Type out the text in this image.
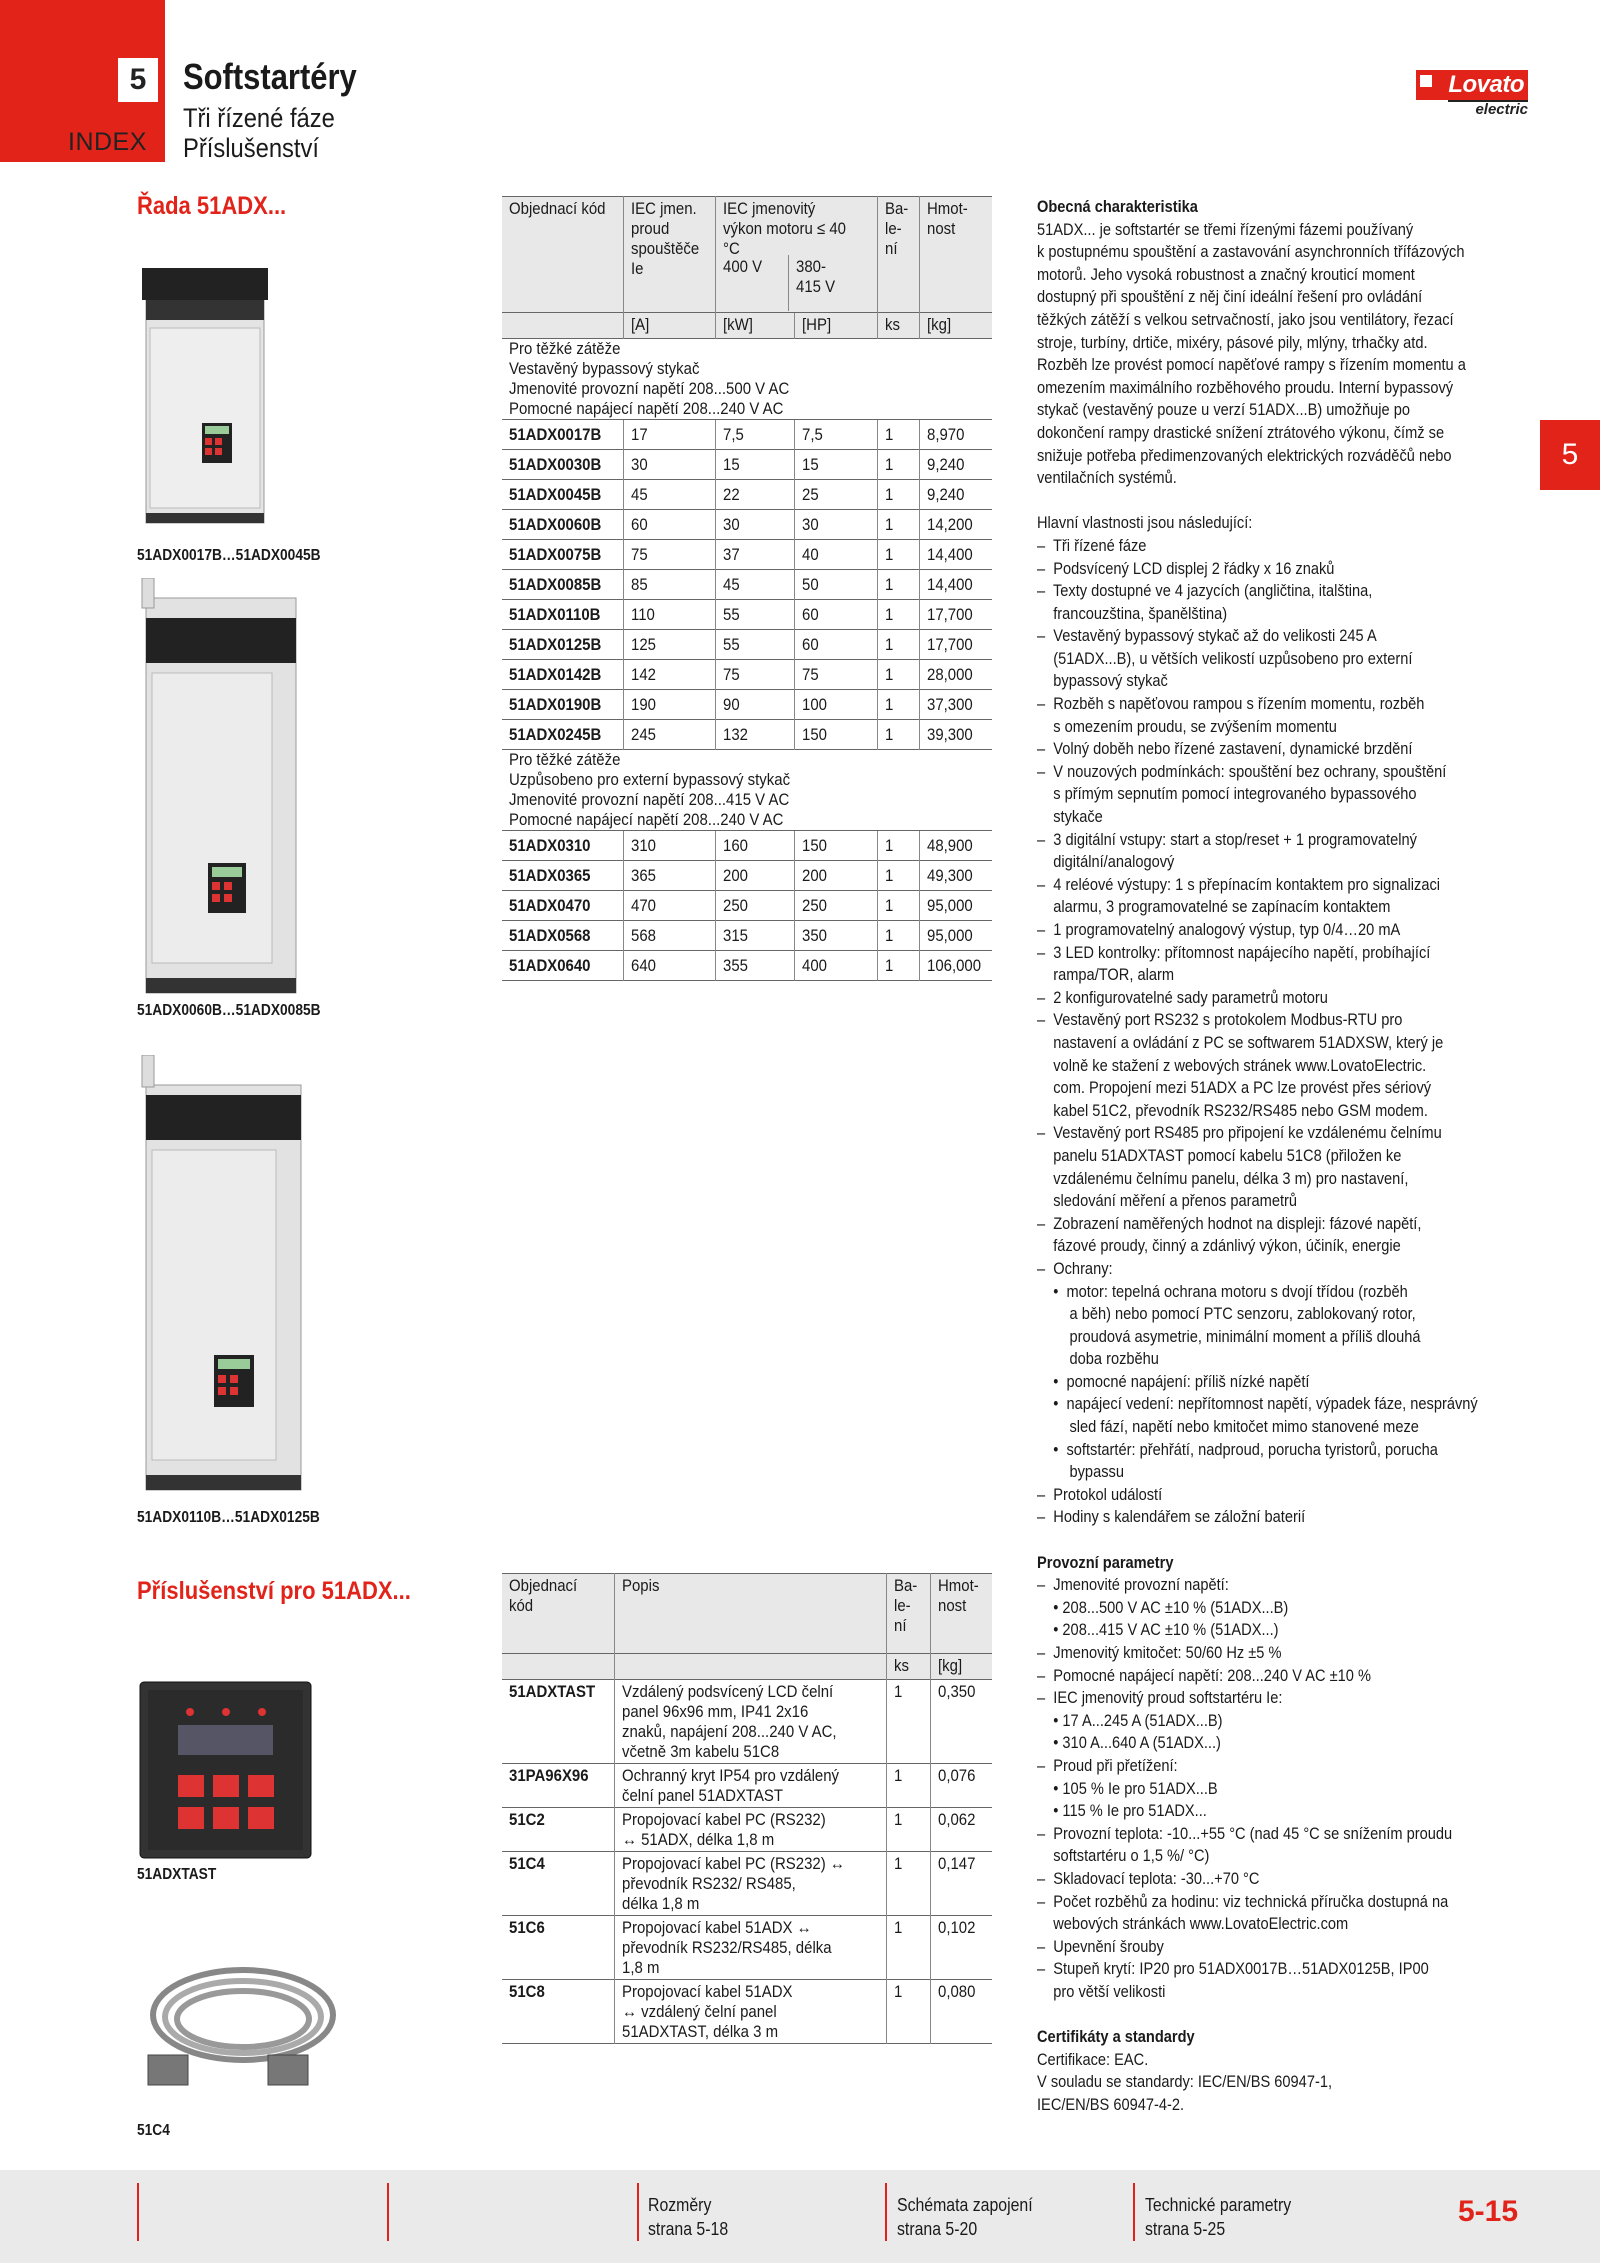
5
INDEX
Softstartéry
Tři řízené fáze
Příslušenství
Lovato
electric
Řada 51ADX...
51ADX0017B…51ADX0045B
51ADX0060B…51ADX0085B
51ADX0110B…51ADX0125B
Příslušenství pro 51ADX...
51ADXTAST
51C4
Objednací kód	IEC jmen. proud spouštěče Ie	IEC jmenovitý výkon motoru ≤ 40 °C
400 V 380-415 V		Ba-le-ní	Hmot-nost

	[A]	[kW]	[HP]	ks	[kg]
Pro těžké zátěže					
Vestavěný bypassový stykač					
Jmenovité provozní napětí 208...500 V AC					
Pomocné napájecí napětí 208...240 V AC					
51ADX0017B	17	7,5	7,5	1	8,970
51ADX0030B	30	15	15	1	9,240
51ADX0045B	45	22	25	1	9,240
51ADX0060B	60	30	30	1	14,200
51ADX0075B	75	37	40	1	14,400
51ADX0085B	85	45	50	1	14,400
51ADX0110B	110	55	60	1	17,700
51ADX0125B	125	55	60	1	17,700
51ADX0142B	142	75	75	1	28,000
51ADX0190B	190	90	100	1	37,300
51ADX0245B	245	132	150	1	39,300
Pro těžké zátěže					
Uzpůsobeno pro externí bypassový stykač					
Jmenovité provozní napětí 208...415 V AC					
Pomocné napájecí napětí 208...240 V AC					
51ADX0310	310	160	150	1	48,900
51ADX0365	365	200	200	1	49,300
51ADX0470	470	250	250	1	95,000
51ADX0568	568	315	350	1	95,000
51ADX0640	640	355	400	1	106,000
Objednací kód	Popis	Ba-le-ní	Hmot-nost

		ks	[kg]
51ADXTAST	Vzdálený podsvícený LCD čelní
panel 96x96 mm, IP41 2x16
znaků, napájení 208...240 V AC,
včetně 3m kabelu 51C8	1	0,350
31PA96X96	Ochranný kryt IP54 pro vzdálený
čelní panel 51ADXTAST	1	0,076
51C2	Propojovací kabel PC (RS232)
↔ 51ADX, délka 1,8 m	1	0,062
51C4	Propojovací kabel PC (RS232) ↔
převodník RS232/ RS485,
délka 1,8 m	1	0,147
51C6	Propojovací kabel 51ADX ↔
převodník RS232/RS485, délka
1,8 m	1	0,102
51C8	Propojovací kabel 51ADX
↔ vzdálený čelní panel
51ADXTAST, délka 3 m	1	0,080
Obecná charakteristika
51ADX... je softstartér se třemi řízenými fázemi používaný
k postupnému spouštění a zastavování asynchronních třífázových
motorů. Jeho vysoká robustnost a značný krouticí moment
dostupný při spouštění z něj činí ideální řešení pro ovládání
těžkých zátěží s velkou setrvačností, jako jsou ventilátory, řezací
stroje, turbíny, drtiče, mixéry, pásové pily, mlýny, trhačky atd.
Rozběh lze provést pomocí napěťové rampy s řízením momentu a
omezením maximálního rozběhového proudu. Interní bypassový
stykač (vestavěný pouze u verzí 51ADX...B) umožňuje po
dokončení rampy drastické snížení ztrátového výkonu, čímž se
snižuje potřeba předimenzovaných elektrických rozváděčů nebo
ventilačních systémů.
Hlavní vlastnosti jsou následující:
–  Tři řízené fáze
–  Podsvícený LCD displej 2 řádky x 16 znaků
–  Texty dostupné ve 4 jazycích (angličtina, italština,
francouzština, španělština)
–  Vestavěný bypassový stykač až do velikosti 245 A
(51ADX...B), u větších velikostí uzpůsobeno pro externí
bypassový stykač
–  Rozběh s napěťovou rampou s řízením momentu, rozběh
s omezením proudu, se zvýšením momentu
–  Volný doběh nebo řízené zastavení, dynamické brzdění
–  V nouzových podmínkách: spouštění bez ochrany, spouštění
s přímým sepnutím pomocí integrovaného bypassového
stykače
–  3 digitální vstupy: start a stop/reset + 1 programovatelný
digitální/analogový
–  4 reléové výstupy: 1 s přepínacím kontaktem pro signalizaci
alarmu, 3 programovatelné se zapínacím kontaktem
–  1 programovatelný analogový výstup, typ 0/4…20 mA
–  3 LED kontrolky: přítomnost napájecího napětí, probíhající
rampa/TOR, alarm
–  2 konfigurovatelné sady parametrů motoru
–  Vestavěný port RS232 s protokolem Modbus-RTU pro
nastavení a ovládání z PC se softwarem 51ADXSW, který je
volně ke stažení z webových stránek www.LovatoElectric.
com. Propojení mezi 51ADX a PC lze provést přes sériový
kabel 51C2, převodník RS232/RS485 nebo GSM modem.
–  Vestavěný port RS485 pro připojení ke vzdálenému čelnímu
panelu 51ADXTAST pomocí kabelu 51C8 (přiložen ke
vzdálenému čelnímu panelu, délka 3 m) pro nastavení,
sledování měření a přenos parametrů
–  Zobrazení naměřených hodnot na displeji: fázové napětí,
fázové proudy, činný a zdánlivý výkon, účiník, energie
–  Ochrany:
•  motor: tepelná ochrana motoru s dvojí třídou (rozběh
a běh) nebo pomocí PTC senzoru, zablokovaný rotor,
proudová asymetrie, minimální moment a příliš dlouhá
doba rozběhu
•  pomocné napájení: příliš nízké napětí
•  napájecí vedení: nepřítomnost napětí, výpadek fáze, nesprávný
sled fází, napětí nebo kmitočet mimo stanovené meze
•  softstartér: přehřátí, nadproud, porucha tyristorů, porucha
bypassu
–  Protokol událostí
–  Hodiny s kalendářem se záložní baterií
Provozní parametry
–  Jmenovité provozní napětí:
• 208...500 V AC ±10 % (51ADX...B)
• 208...415 V AC ±10 % (51ADX...)
–  Jmenovitý kmitočet: 50/60 Hz ±5 %
–  Pomocné napájecí napětí: 208...240 V AC ±10 %
–  IEC jmenovitý proud softstartéru Ie:
• 17 A...245 A (51ADX...B)
• 310 A...640 A (51ADX...)
–  Proud při přetížení:
• 105 % Ie pro 51ADX...B
• 115 % Ie pro 51ADX...
–  Provozní teplota: -10...+55 °C (nad 45 °C se snížením proudu
softstartéru o 1,5 %/ °C)
–  Skladovací teplota: -30...+70 °C
–  Počet rozběhů za hodinu: viz technická příručka dostupná na
webových stránkách www.LovatoElectric.com
–  Upevnění šrouby
–  Stupeň krytí: IP20 pro 51ADX0017B…51ADX0125B, IP00
pro větší velikosti
Certifikáty a standardy
Certifikace: EAC.
V souladu se standardy: IEC/EN/BS 60947-1,
IEC/EN/BS 60947-4-2.
5
Rozměry
strana 5-18
Schémata zapojení
strana 5-20
Technické parametry
strana 5-25
5-15
